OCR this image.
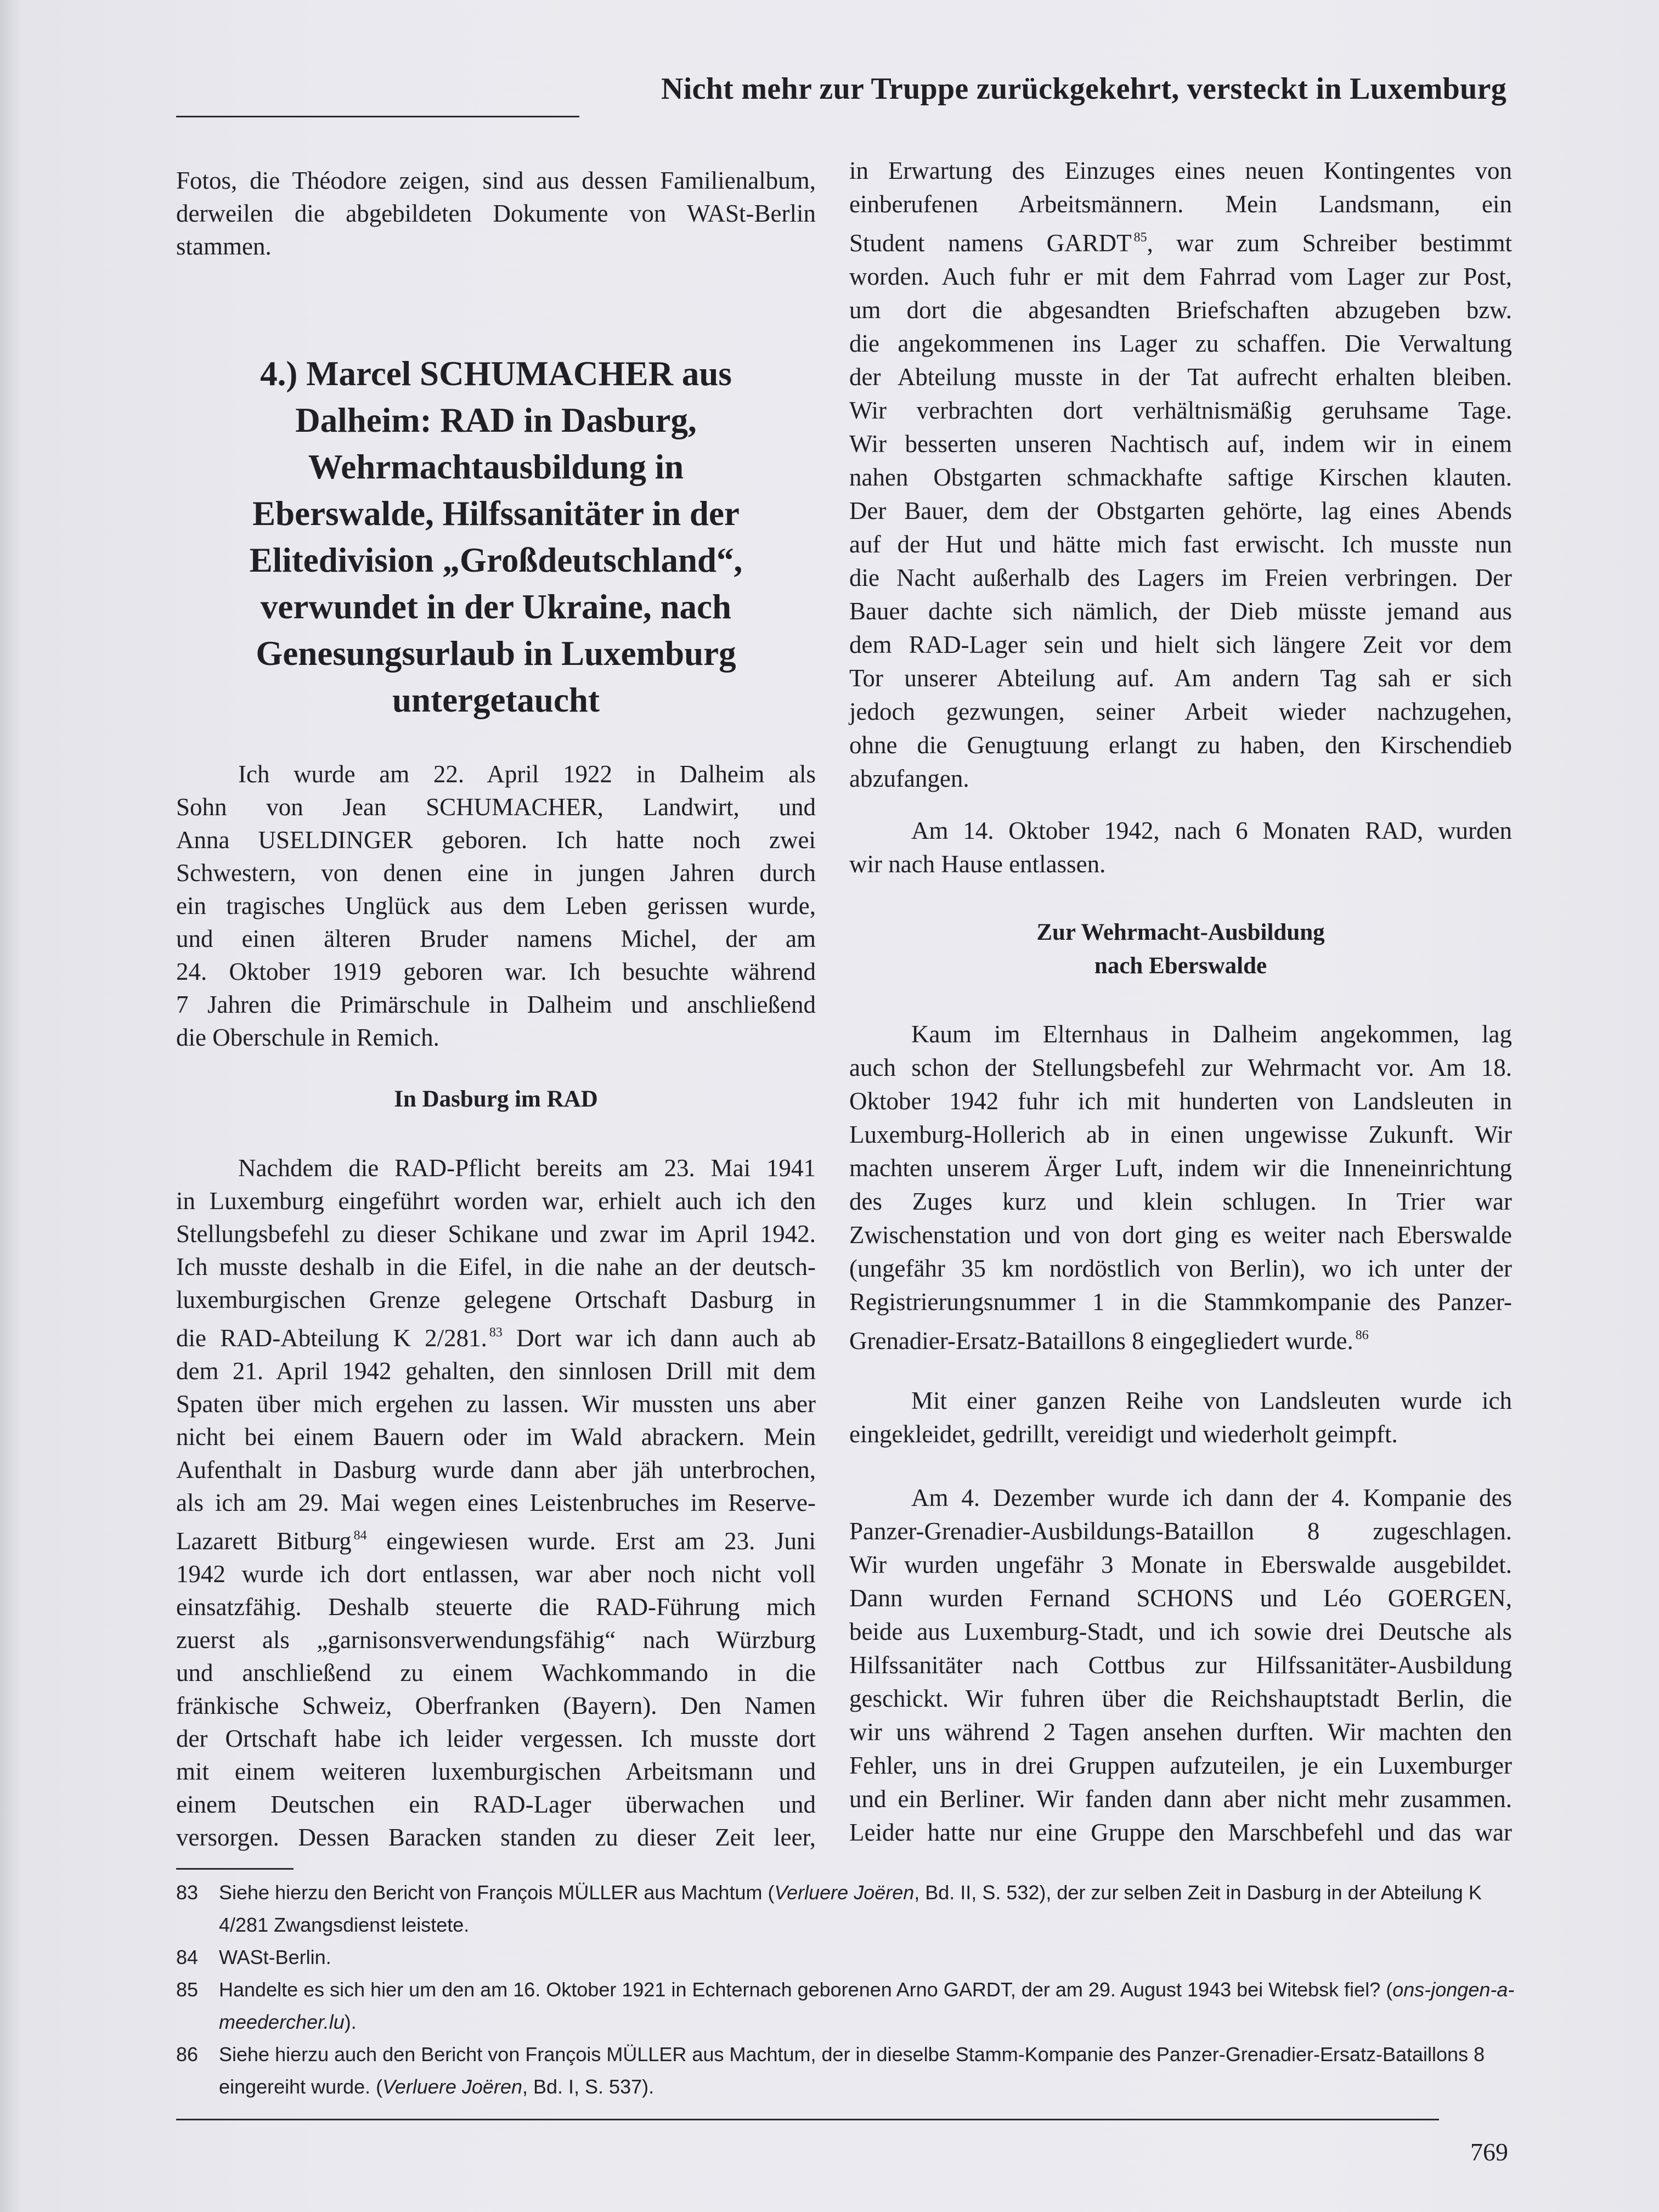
Nicht mehr zur Truppe zurückgekehrt, versteckt in Luxemburg
Fotos, die Théodore zeigen, sind aus dessen Familienalbum,
derweilen die abgebildeten Dokumente von WASt-Berlin
stammen.
4.) Marcel SCHUMACHER aus
Dalheim: RAD in Dasburg,
Wehrmachtausbildung in
Eberswalde, Hilfssanitäter in der
Elitedivision „Großdeutschland“,
verwundet in der Ukraine, nach
Genesungsurlaub in Luxemburg
untergetaucht
Ich wurde am 22. April 1922 in Dalheim als
Sohn von Jean SCHUMACHER, Landwirt, und
Anna USELDINGER geboren. Ich hatte noch zwei
Schwestern, von denen eine in jungen Jahren durch
ein tragisches Unglück aus dem Leben gerissen wurde,
und einen älteren Bruder namens Michel, der am
24. Oktober 1919 geboren war. Ich besuchte während
7 Jahren die Primärschule in Dalheim und anschließend
die Oberschule in Remich.
In Dasburg im RAD
Nachdem die RAD-Pflicht bereits am 23. Mai 1941
in Luxemburg eingeführt worden war, erhielt auch ich den
Stellungsbefehl zu dieser Schikane und zwar im April 1942.
Ich musste deshalb in die Eifel, in die nahe an der deutsch-
luxemburgischen Grenze gelegene Ortschaft Dasburg in
die RAD-Abteilung K 2/281. $^{83}$ Dort war ich dann auch ab
dem 21. April 1942 gehalten, den sinnlosen Drill mit dem
Spaten über mich ergehen zu lassen. Wir mussten uns aber
nicht bei einem Bauern oder im Wald abrackern. Mein
Aufenthalt in Dasburg wurde dann aber jäh unterbrochen,
als ich am 29. Mai wegen eines Leistenbruches im Reserve-
Lazarett Bitburg $^{84}$ eingewiesen wurde. Erst am 23. Juni
1942 wurde ich dort entlassen, war aber noch nicht voll
einsatzfähig. Deshalb steuerte die RAD-Führung mich
zuerst als „garnisonsverwendungsfähig“ nach Würzburg
und anschließend zu einem Wachkommando in die
fränkische Schweiz, Oberfranken (Bayern). Den Namen
der Ortschaft habe ich leider vergessen. Ich musste dort
mit einem weiteren luxemburgischen Arbeitsmann und
einem Deutschen ein RAD-Lager überwachen und
versorgen. Dessen Baracken standen zu dieser Zeit leer,
in Erwartung des Einzuges eines neuen Kontingentes von
einberufenen Arbeitsmännern. Mein Landsmann, ein
Student namens GARDT $^{85}$, war zum Schreiber bestimmt
worden. Auch fuhr er mit dem Fahrrad vom Lager zur Post,
um dort die abgesandten Briefschaften abzugeben bzw.
die angekommenen ins Lager zu schaffen. Die Verwaltung
der Abteilung musste in der Tat aufrecht erhalten bleiben.
Wir verbrachten dort verhältnismäßig geruhsame Tage.
Wir besserten unseren Nachtisch auf, indem wir in einem
nahen Obstgarten schmackhafte saftige Kirschen klauten.
Der Bauer, dem der Obstgarten gehörte, lag eines Abends
auf der Hut und hätte mich fast erwischt. Ich musste nun
die Nacht außerhalb des Lagers im Freien verbringen. Der
Bauer dachte sich nämlich, der Dieb müsste jemand aus
dem RAD-Lager sein und hielt sich längere Zeit vor dem
Tor unserer Abteilung auf. Am andern Tag sah er sich
jedoch gezwungen, seiner Arbeit wieder nachzugehen,
ohne die Genugtuung erlangt zu haben, den Kirschendieb
abzufangen.
Am 14. Oktober 1942, nach 6 Monaten RAD, wurden
wir nach Hause entlassen.
Zur Wehrmacht-Ausbildung
nach Eberswalde
Kaum im Elternhaus in Dalheim angekommen, lag
auch schon der Stellungsbefehl zur Wehrmacht vor. Am 18.
Oktober 1942 fuhr ich mit hunderten von Landsleuten in
Luxemburg-Hollerich ab in einen ungewisse Zukunft. Wir
machten unserem Ärger Luft, indem wir die Inneneinrichtung
des Zuges kurz und klein schlugen. In Trier war
Zwischenstation und von dort ging es weiter nach Eberswalde
(ungefähr 35 km nordöstlich von Berlin), wo ich unter der
Registrierungsnummer 1 in die Stammkompanie des Panzer-
Grenadier-Ersatz-Bataillons 8 eingegliedert wurde. $^{86}$
Mit einer ganzen Reihe von Landsleuten wurde ich
eingekleidet, gedrillt, vereidigt und wiederholt geimpft.
Am 4. Dezember wurde ich dann der 4. Kompanie des
Panzer-Grenadier-Ausbildungs-Bataillon 8 zugeschlagen.
Wir wurden ungefähr 3 Monate in Eberswalde ausgebildet.
Dann wurden Fernand SCHONS und Léo GOERGEN,
beide aus Luxemburg-Stadt, und ich sowie drei Deutsche als
Hilfssanitäter nach Cottbus zur Hilfssanitäter-Ausbildung
geschickt. Wir fuhren über die Reichshauptstadt Berlin, die
wir uns während 2 Tagen ansehen durften. Wir machten den
Fehler, uns in drei Gruppen aufzuteilen, je ein Luxemburger
und ein Berliner. Wir fanden dann aber nicht mehr zusammen.
Leider hatte nur eine Gruppe den Marschbefehl und das war
83 Siehe hierzu den Bericht von François MÜLLER aus Machtum (Verluere Joëren, Bd. II, S. 532), der zur selben Zeit in Dasburg in der Abteilung K 4/281 Zwangsdienst leistete.
84 WASt-Berlin.
85 Handelte es sich hier um den am 16. Oktober 1921 in Echternach geborenen Arno GARDT, der am 29. August 1943 bei Witebsk fiel? (ons-jongen-a-meedercher.lu).
86 Siehe hierzu auch den Bericht von François MÜLLER aus Machtum, der in dieselbe Stamm-Kompanie des Panzer-Grenadier-Ersatz-Bataillons 8 eingereiht wurde. (Verluere Joëren, Bd. I, S. 537).
769
